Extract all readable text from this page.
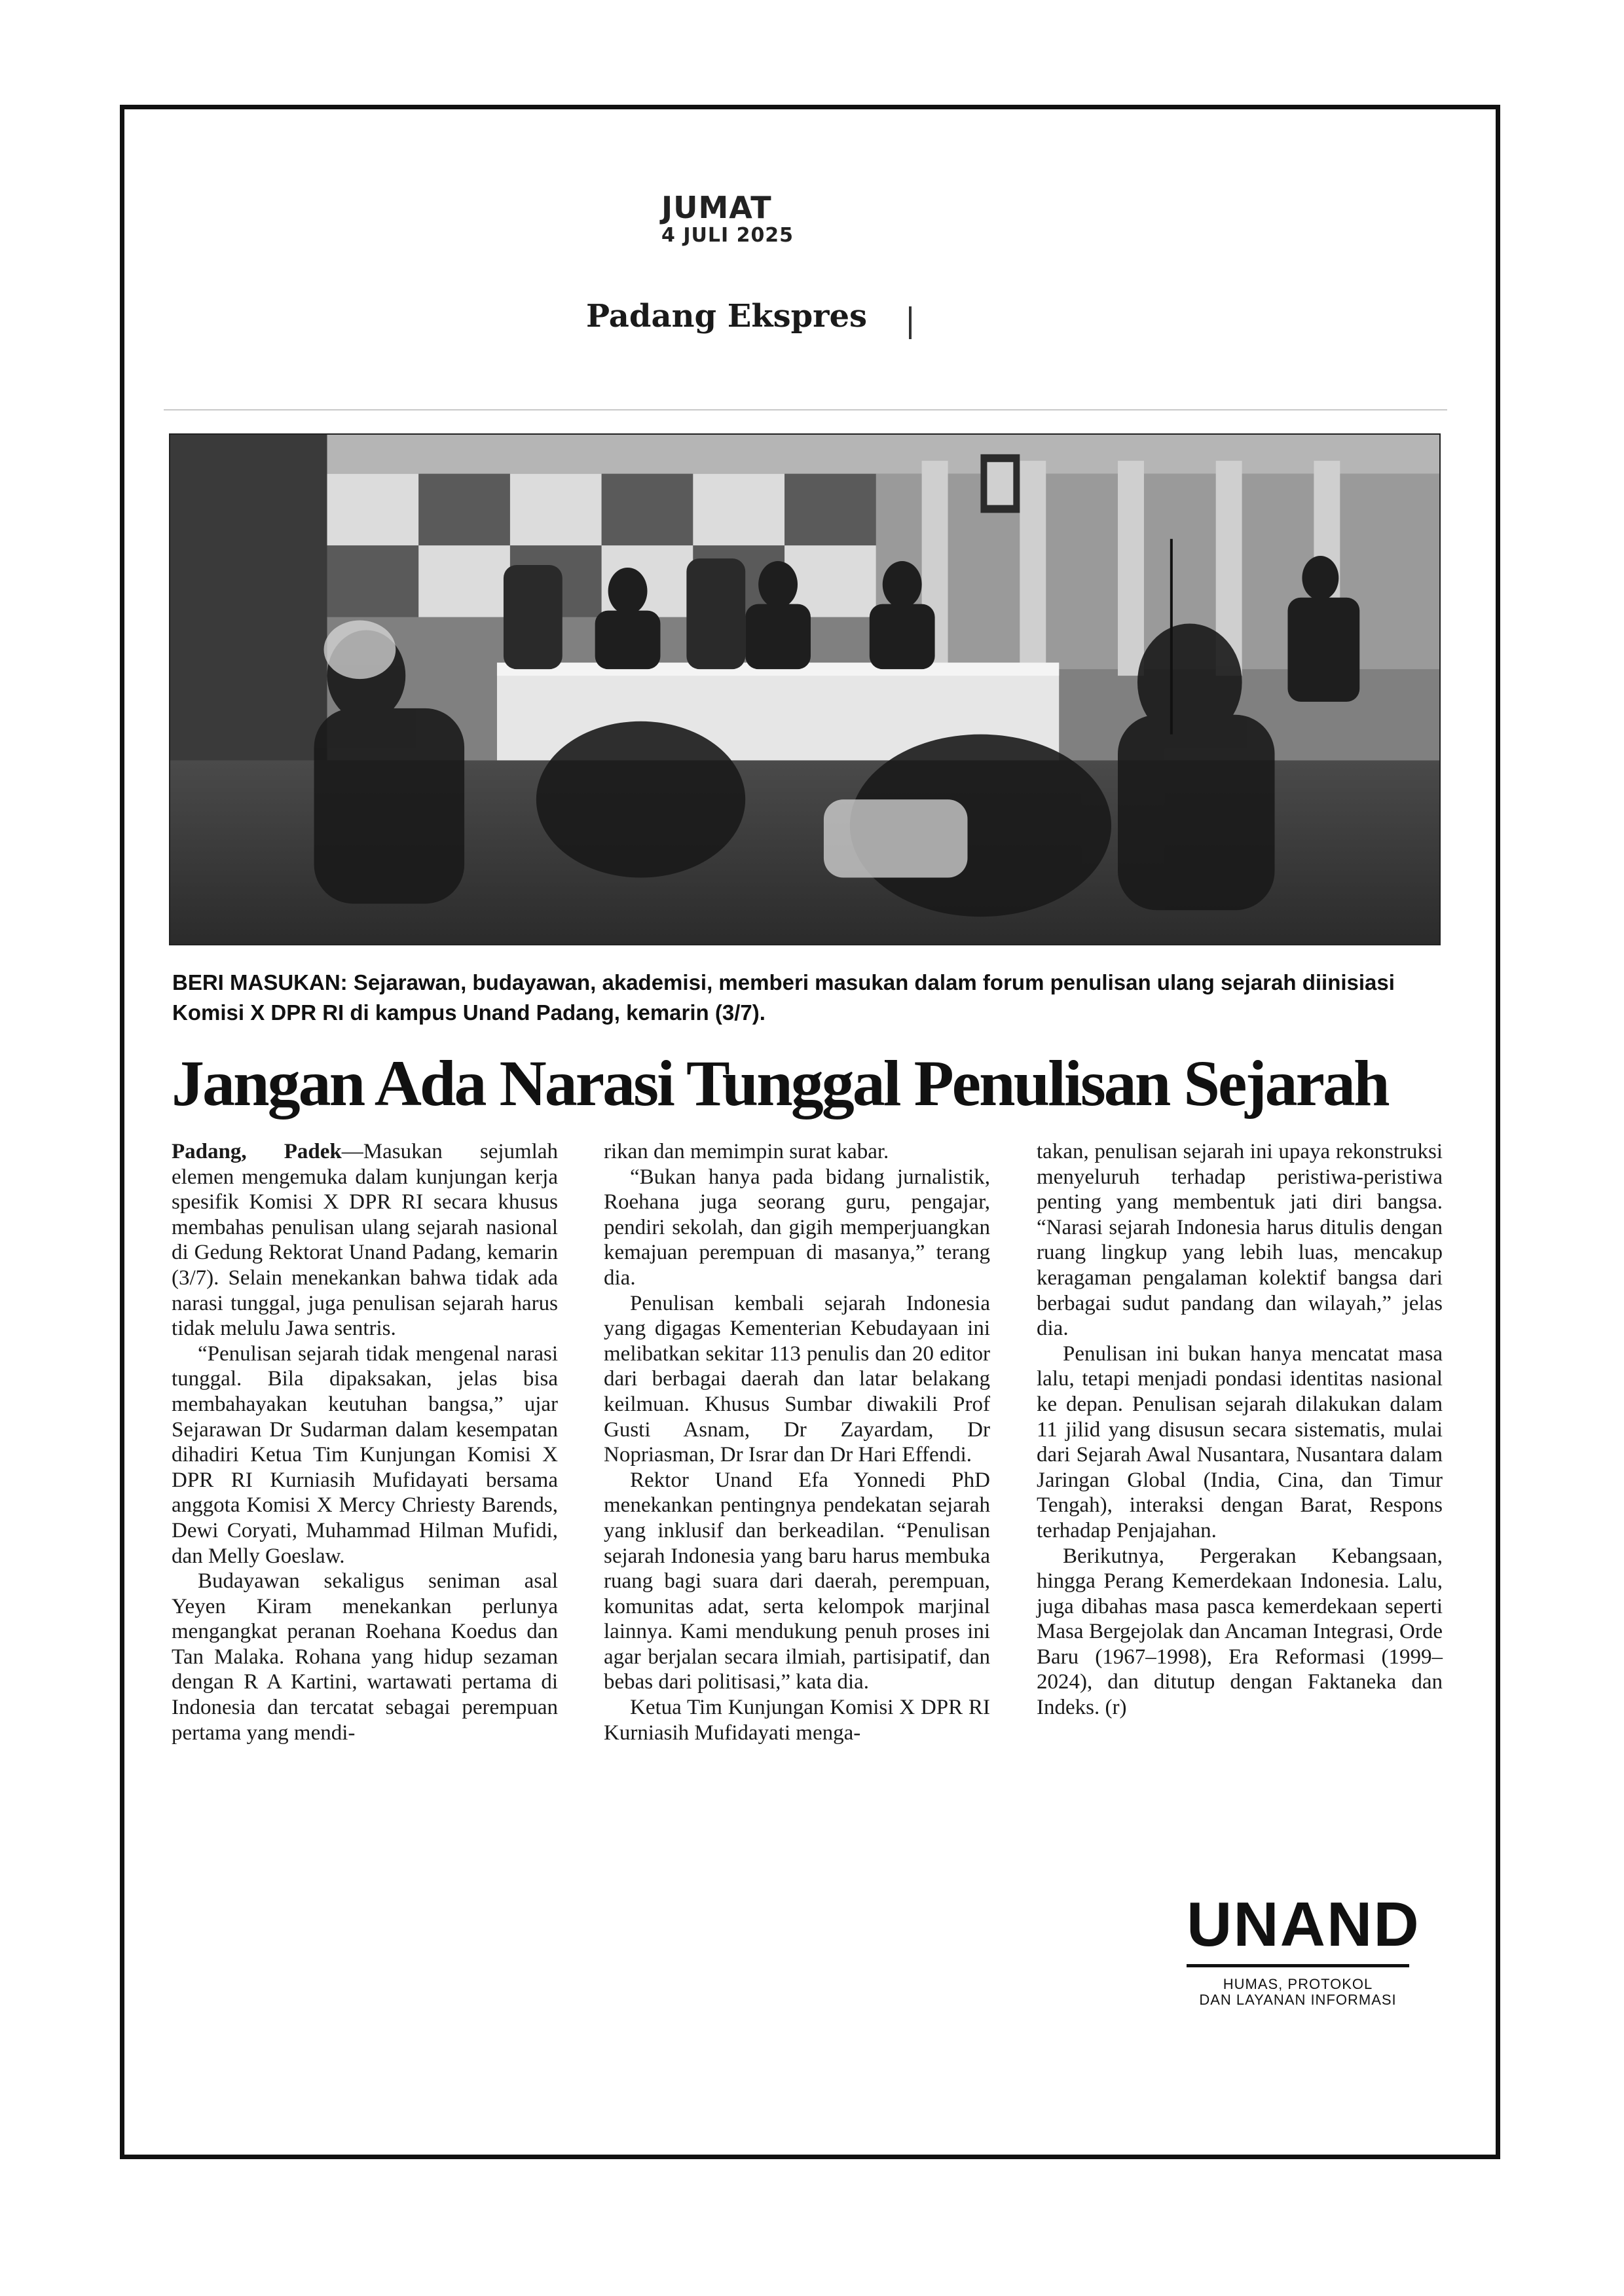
JUMAT
4 JULI 2025
Padang Ekspres
BERI MASUKAN: Sejarawan, budayawan, akademisi, memberi masukan dalam forum penulisan ulang sejarah diinisiasi Komisi X DPR RI di kampus Unand Padang, kemarin (3/7).
Jangan Ada Narasi Tunggal Penulisan Sejarah

Padang, Padek—Masukan sejumlah elemen mengemuka dalam kunjungan kerja spesifik Komisi X DPR RI secara khusus membahas penulisan ulang sejarah nasional di Gedung Rektorat Unand Padang, kemarin (3/7). Selain menekankan bahwa tidak ada narasi tunggal, juga penulisan sejarah harus tidak melulu Jawa sentris.

“Penulisan sejarah tidak mengenal narasi tunggal. Bila dipaksakan, jelas bisa membahayakan keutuhan bangsa,” ujar Sejarawan Dr Sudarman dalam kesempatan dihadiri Ketua Tim Kunjungan Komisi X DPR RI Kurniasih Mufidayati bersama anggota Komisi X Mercy Chriesty Barends, Dewi Coryati, Muhammad Hilman Mufidi, dan Melly Goeslaw.

Budayawan sekaligus seniman asal Yeyen Kiram menekankan perlunya mengangkat peranan Roehana Koedus dan Tan Malaka. Rohana yang hidup sezaman dengan R A Kartini, wartawati pertama di Indonesia dan tercatat sebagai perempuan pertama yang mendi-

rikan dan memimpin surat kabar.

“Bukan hanya pada bidang jurnalistik, Roehana juga seorang guru, pengajar, pendiri sekolah, dan gigih memperjuangkan kemajuan perempuan di masanya,” terang dia.

Penulisan kembali sejarah Indonesia yang digagas Kementerian Kebudayaan ini melibatkan sekitar 113 penulis dan 20 editor dari berbagai daerah dan latar belakang keilmuan. Khusus Sumbar diwakili Prof Gusti Asnam, Dr Zayardam, Dr Nopriasman, Dr Israr dan Dr Hari Effendi.

Rektor Unand Efa Yonnedi PhD menekankan pentingnya pendekatan sejarah yang inklusif dan berkeadilan. “Penulisan sejarah Indonesia yang baru harus membuka ruang bagi suara dari daerah, perempuan, komunitas adat, serta kelompok marjinal lainnya. Kami mendukung penuh proses ini agar berjalan secara ilmiah, partisipatif, dan bebas dari politisasi,” kata dia.

Ketua Tim Kunjungan Komisi X DPR RI Kurniasih Mufidayati menga-

takan, penulisan sejarah ini upaya rekonstruksi menyeluruh terhadap peristiwa-peristiwa penting yang membentuk jati diri bangsa. “Narasi sejarah Indonesia harus ditulis dengan ruang lingkup yang lebih luas, mencakup keragaman pengalaman kolektif bangsa dari berbagai sudut pandang dan wilayah,” jelas dia.

Penulisan ini bukan hanya mencatat masa lalu, tetapi menjadi pondasi identitas nasional ke depan. Penulisan sejarah dilakukan dalam 11 jilid yang disusun secara sistematis, mulai dari Sejarah Awal Nusantara, Nusantara dalam Jaringan Global (India, Cina, dan Timur Tengah), interaksi dengan Barat, Respons terhadap Penjajahan.

Berikutnya, Pergerakan Kebangsaan, hingga Perang Kemerdekaan Indonesia. Lalu, juga dibahas masa pasca kemerdekaan seperti Masa Bergejolak dan Ancaman Integrasi, Orde Baru (1967–1998), Era Reformasi (1999–2024), dan ditutup dengan Faktaneka dan Indeks. (r)

UNAND
HUMAS, PROTOKOL
DAN LAYANAN INFORMASI
